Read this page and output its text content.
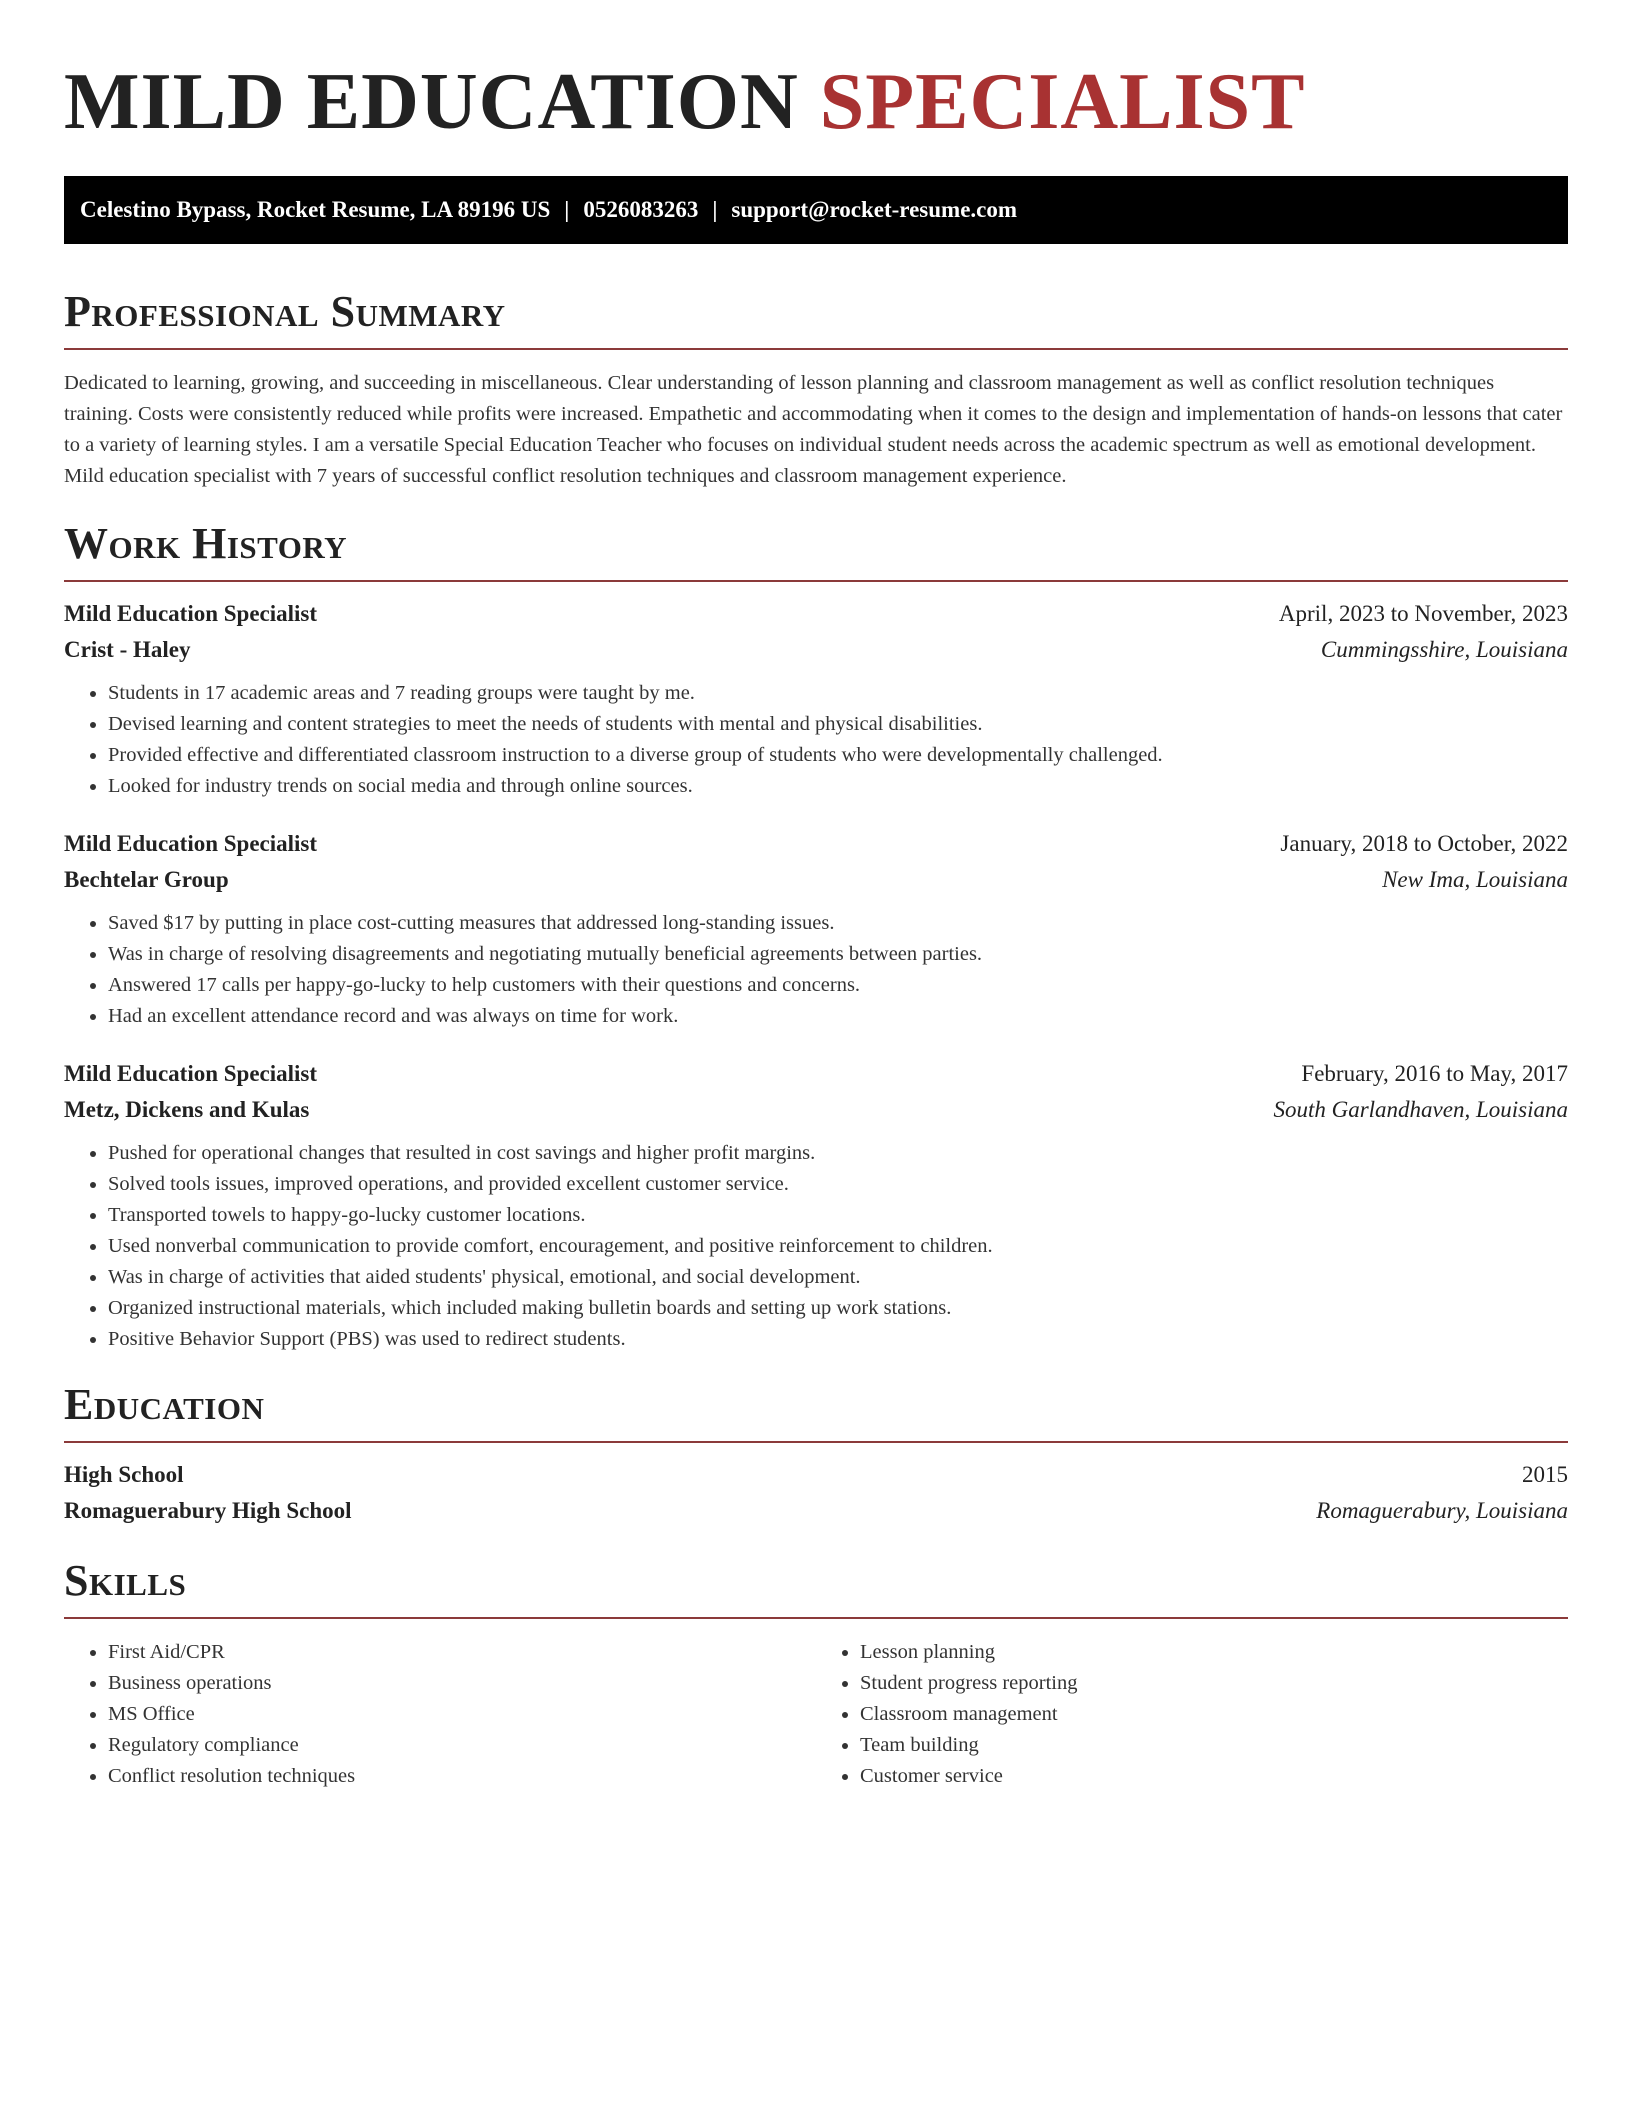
MILD EDUCATION SPECIALIST
Celestino Bypass, Rocket Resume, LA 89196 US | 0526083263 | support@rocket-resume.com
Professional Summary

Dedicated to learning, growing, and succeeding in miscellaneous. Clear understanding of lesson planning and classroom management as well as conflict resolution techniques training. Costs were consistently reduced while profits were increased. Empathetic and accommodating when it comes to the design and implementation of hands-on lessons that cater to a variety of learning styles. I am a versatile Special Education Teacher who focuses on individual student needs across the academic spectrum as well as emotional development. Mild education specialist with 7 years of successful conflict resolution techniques and classroom management experience.

Work History
Mild Education Specialist	April, 2023 to November, 2023
Crist - Haley	Cummingsshire, Louisiana
• Students in 17 academic areas and 7 reading groups were taught by me.
• Devised learning and content strategies to meet the needs of students with mental and physical disabilities.
• Provided effective and differentiated classroom instruction to a diverse group of students who were developmentally challenged.
• Looked for industry trends on social media and through online sources.
Mild Education Specialist	January, 2018 to October, 2022
Bechtelar Group	New Ima, Louisiana
• Saved $17 by putting in place cost-cutting measures that addressed long-standing issues.
• Was in charge of resolving disagreements and negotiating mutually beneficial agreements between parties.
• Answered 17 calls per happy-go-lucky to help customers with their questions and concerns.
• Had an excellent attendance record and was always on time for work.
Mild Education Specialist	February, 2016 to May, 2017
Metz, Dickens and Kulas	South Garlandhaven, Louisiana
• Pushed for operational changes that resulted in cost savings and higher profit margins.
• Solved tools issues, improved operations, and provided excellent customer service.
• Transported towels to happy-go-lucky customer locations.
• Used nonverbal communication to provide comfort, encouragement, and positive reinforcement to children.
• Was in charge of activities that aided students' physical, emotional, and social development.
• Organized instructional materials, which included making bulletin boards and setting up work stations.
• Positive Behavior Support (PBS) was used to redirect students.
Education
High School	2015
Romaguerabury High School	Romaguerabury, Louisiana
Skills
• First Aid/CPR
• Business operations
• MS Office
• Regulatory compliance
• Conflict resolution techniques
• Lesson planning
• Student progress reporting
• Classroom management
• Team building
• Customer service
